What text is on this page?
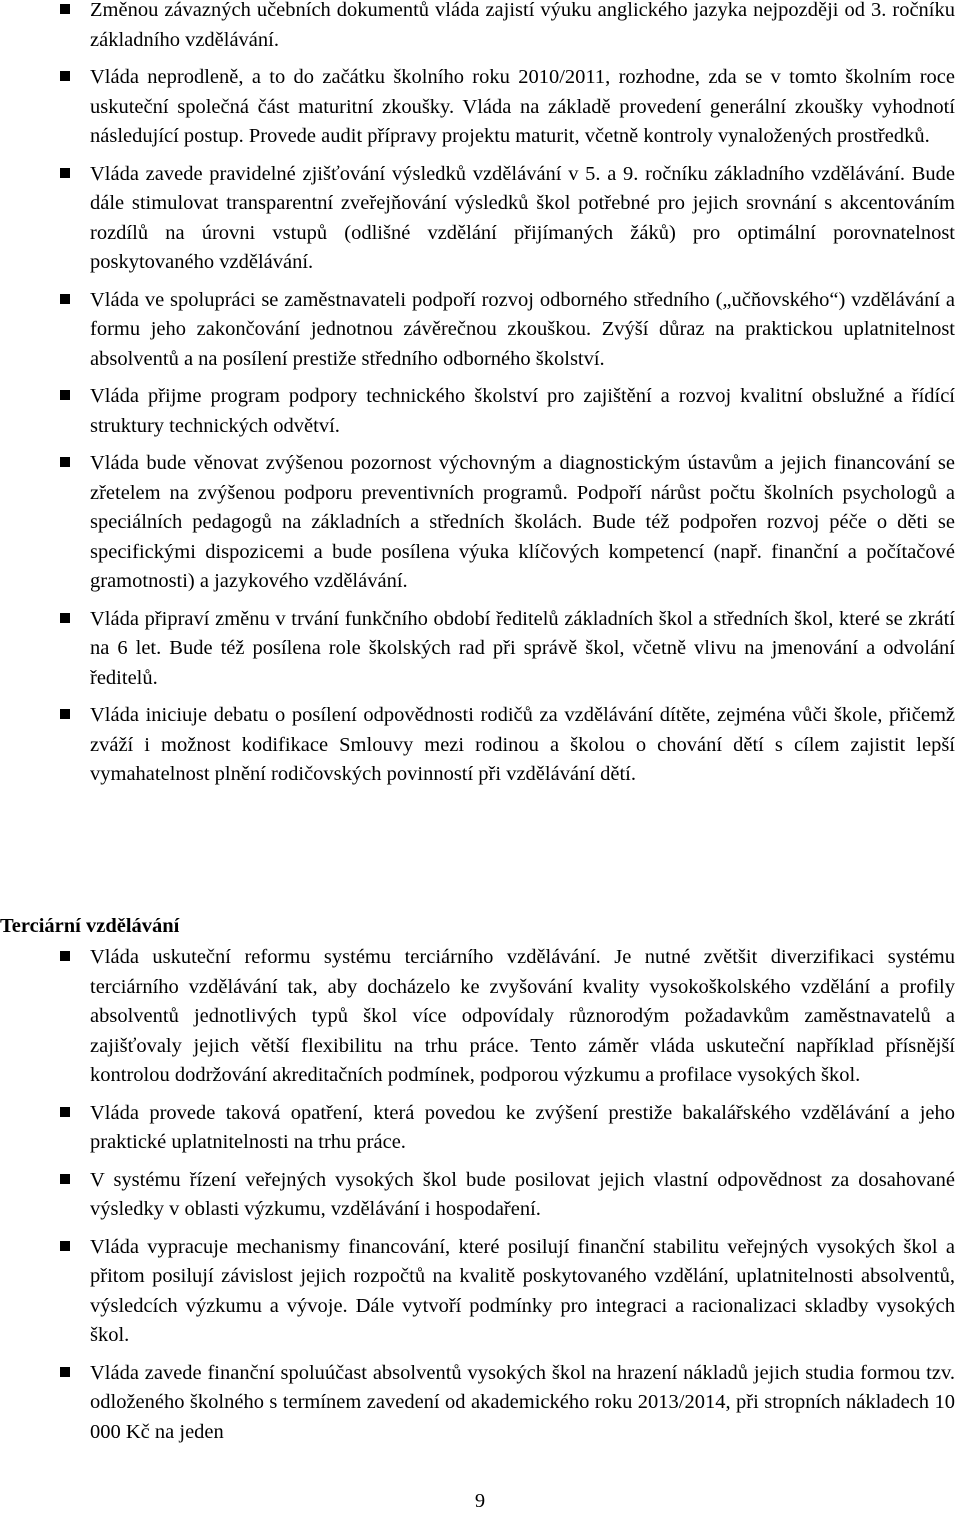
Změnou závazných učebních dokumentů vláda zajistí výuku anglického jazyka nejpozději od 3. ročníku základního vzdělávání.
Vláda neprodleně, a to do začátku školního roku 2010/2011, rozhodne, zda se v tomto školním roce uskuteční společná část maturitní zkoušky. Vláda na základě provedení generální zkoušky vyhodnotí následující postup. Provede audit přípravy projektu maturit, včetně kontroly vynaložených prostředků.
Vláda zavede pravidelné zjišťování výsledků vzdělávání v 5. a 9. ročníku základního vzdělávání. Bude dále stimulovat transparentní zveřejňování výsledků škol potřebné pro jejich srovnání s akcentováním rozdílů na úrovni vstupů (odlišné vzdělání přijímaných žáků) pro optimální porovnatelnost poskytovaného vzdělávání.
Vláda ve spolupráci se zaměstnavateli podpoří rozvoj odborného středního („učňovského“) vzdělávání a formu jeho zakončování jednotnou závěrečnou zkouškou. Zvýší důraz na praktickou uplatnitelnost absolventů a na posílení prestiže středního odborného školství.
Vláda přijme program podpory technického školství pro zajištění a rozvoj kvalitní obslužné a řídící struktury technických odvětví.
Vláda bude věnovat zvýšenou pozornost výchovným a diagnostickým ústavům a jejich financování se zřetelem na zvýšenou podporu preventivních programů. Podpoří nárůst počtu školních psychologů a speciálních pedagogů na základních a středních školách. Bude též podpořen rozvoj péče o děti se specifickými dispozicemi a bude posílena výuka klíčových kompetencí (např. finanční a počítačové gramotnosti) a jazykového vzdělávání.
Vláda připraví změnu v trvání funkčního období ředitelů základních škol a středních škol, které se zkrátí na 6 let. Bude též posílena role školských rad při správě škol, včetně vlivu na jmenování a odvolání ředitelů.
Vláda iniciuje debatu o posílení odpovědnosti rodičů za vzdělávání dítěte, zejména vůči škole, přičemž zváží i možnost kodifikace Smlouvy mezi rodinou a školou o chování dětí s cílem zajistit lepší vymahatelnost plnění rodičovských povinností při vzdělávání dětí.
Terciární vzdělávání
Vláda uskuteční reformu systému terciárního vzdělávání. Je nutné zvětšit diverzifikaci systému terciárního vzdělávání tak, aby docházelo ke zvyšování kvality vysokoškolského vzdělání a profily absolventů jednotlivých typů škol více odpovídaly různorodým požadavkům zaměstnavatelů a zajišťovaly jejich větší flexibilitu na trhu práce. Tento záměr vláda uskuteční například přísnější kontrolou dodržování akreditačních podmínek, podporou výzkumu a profilace vysokých škol.
Vláda provede taková opatření, která povedou ke zvýšení prestiže bakalářského vzdělávání a jeho praktické uplatnitelnosti na trhu práce.
V systému řízení veřejných vysokých škol bude posilovat jejich vlastní odpovědnost za dosahované výsledky v oblasti výzkumu, vzdělávání i hospodaření.
Vláda vypracuje mechanismy financování, které posilují finanční stabilitu veřejných vysokých škol a přitom posilují závislost jejich rozpočtů na kvalitě poskytovaného vzdělání, uplatnitelnosti absolventů, výsledcích výzkumu a vývoje. Dále vytvoří podmínky pro integraci a racionalizaci skladby vysokých škol.
Vláda zavede finanční spoluúčast absolventů vysokých škol na hrazení nákladů jejich studia formou tzv. odloženého školného s termínem zavedení od akademického roku 2013/2014, při stropních nákladech 10 000 Kč na jeden
9
